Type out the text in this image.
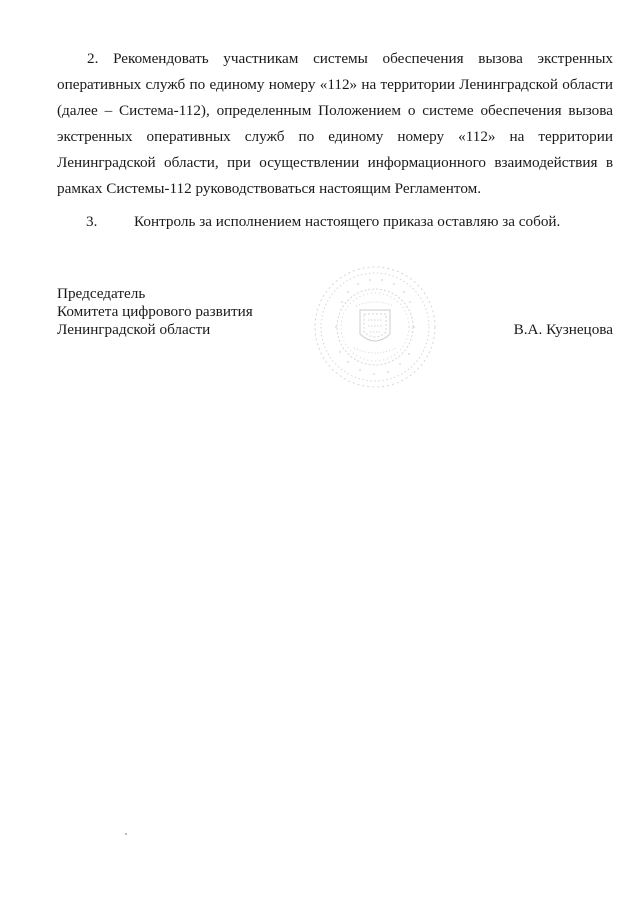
2. Рекомендовать участникам системы обеспечения вызова экстренных оперативных служб по единому номеру «112» на территории Ленинградской области (далее – Система-112), определенным Положением о системе обеспечения вызова экстренных оперативных служб по единому номеру «112» на территории Ленинградской области, при осуществлении информационного взаимодействия в рамках Системы-112 руководствоваться настоящим Регламентом.

3. Контроль за исполнением настоящего приказа оставляю за собой.

Председатель
Комитета цифрового развития
Ленинградской области	В.А. Кузнецова
